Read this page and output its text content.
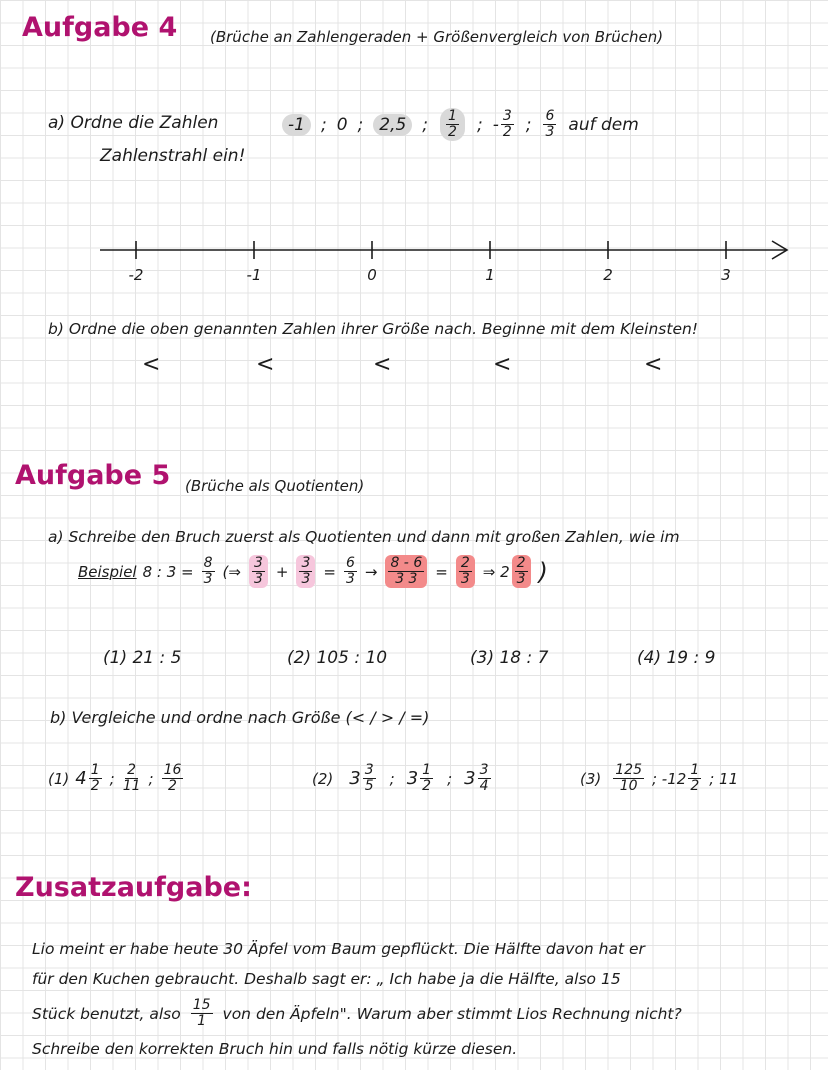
Aufgabe 4 (Brüche an Zahlengeraden + Größenvergleich von Brüchen)
a) Ordne die Zahlen	-1 ; 0 ; 2,5 ; $\frac{1}{2}$ ; - $\frac{3}{2}$ ; $\frac{6}{3}$ auf dem
Zahlenstrahl ein!
-2	-1	0	1	2	3
b) Ordne die oben genannten Zahlen ihrer Größe nach. Beginne mit dem Kleinsten!
<	<	<	<	<
Aufgabe 5 (Brüche als Quotienten)
a) Schreibe den Bruch zuerst als Quotienten und dann mit großen Zahlen, wie im
Beispiel 8 : $3 = \frac{8}{3}$ (⇒ $\frac{3}{3} + \frac{3}{3} = \frac{6}{3} \to \frac{8 - 6}{3 3} = \frac{2}{3}$ ⇒ $2 \frac{2}{3}$ )
(1) 21 : 5	(2) 105 : 10	(3) 18 : 7	(4) 19 : 9
b) Vergleiche und ordne nach Größe (< / > / =)
(1) $4 \frac{1}{2}$ ; $\frac{2}{11}$ ; $\frac{16}{2}$	(2) $3 \frac{3}{5}$ ; $3 \frac{1}{2}$ ; $3 \frac{3}{4}$	$(3) \frac{125}{10}$ ; $-12 \frac{1}{2}$ ; 11
Zusatzaufgabe:
Lio meint er habe heute 30 Äpfel vom Baum gepflückt. Die Hälfte davon hat er
für den Kuchen gebraucht. Deshalb sagt er: „ Ich habe ja die Hälfte, also 15
Stück benutzt, also $\frac{15}{1}$ von den Äpfeln". Warum aber stimmt Lios Rechnung nicht?
Schreibe den korrekten Bruch hin und falls nötig kürze diesen.
